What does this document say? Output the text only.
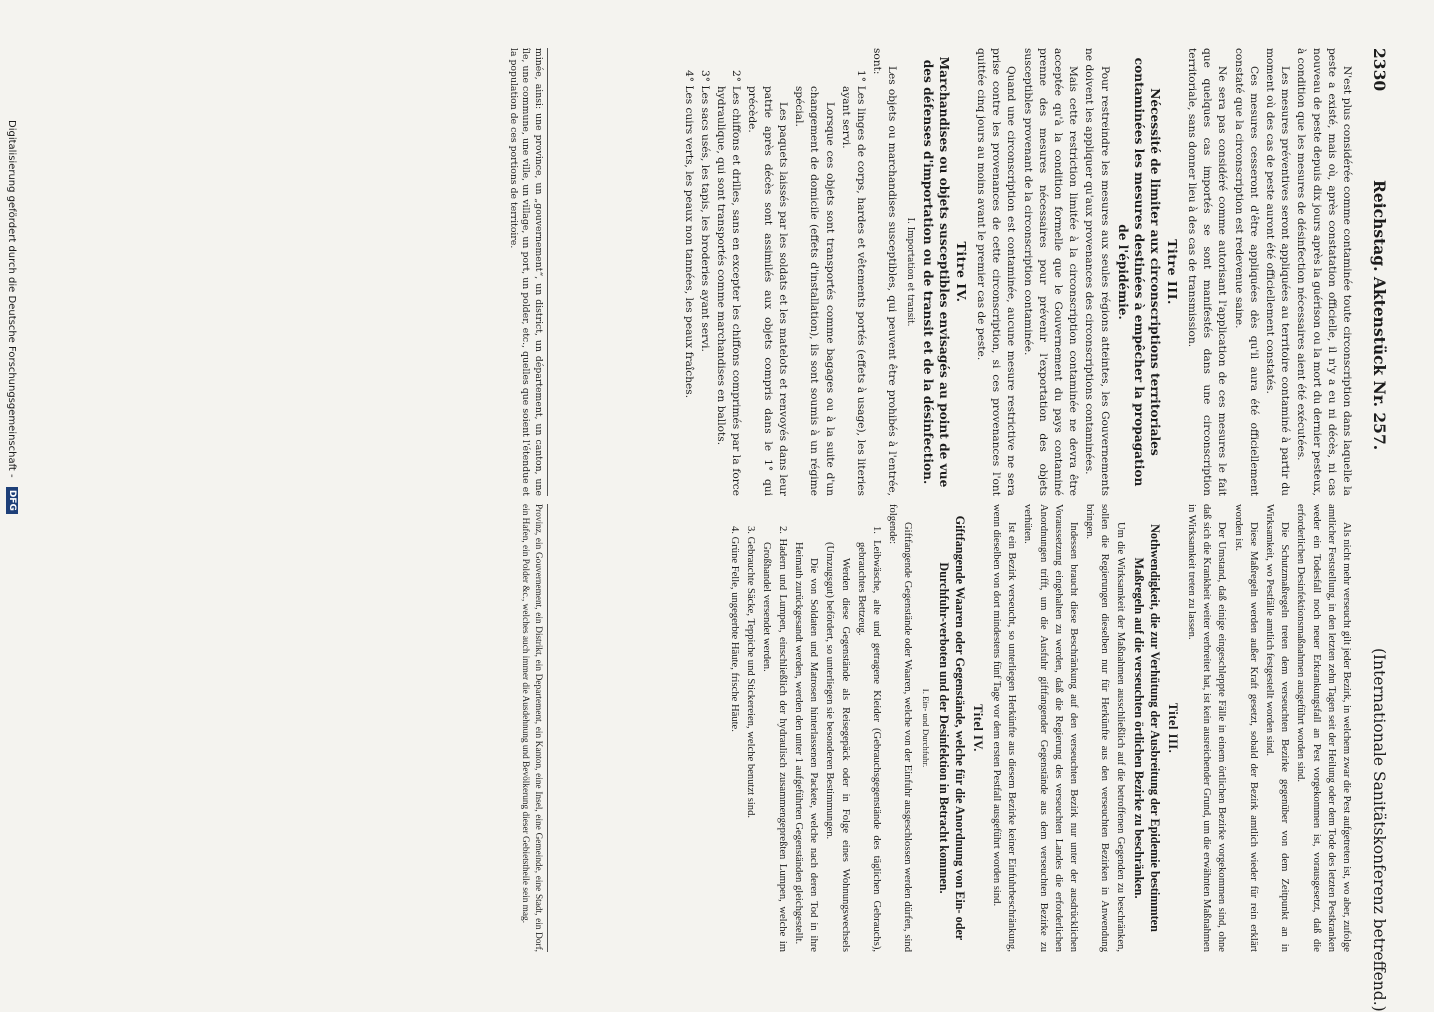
2330
Reichstag. Aktenstück Nr. 257.
(Internationale Sanitätskonferenz betreffend.)

N'est plus considérée comme contaminée toute circonscription dans laquelle la peste a existé, mais où, après constatation officielle, il n'y a eu ni décès, ni cas nouveau de peste depuis dix jours après la guérison ou la mort du dernier pesteux, à condition que les mesures de désinfection nécessaires aient été exécutées.

Les mesures préventives seront appliquées au territoire contaminé à partir du moment où des cas de peste auront été officiellement constatés.

Ces mesures cesseront d'être appliquées dès qu'il aura été officiellement constaté que la circonscription est redevenue saine.

Ne sera pas considéré comme autorisant l'application de ces mesures le fait que quelques cas importés se sont manifestés dans une circonscription territoriale, sans donner lieu à des cas de transmission.

Titre III.
Nécessité de limiter aux circonscriptions territoriales contaminées les mesures destinées à empêcher la propagation de l'épidémie.

Pour restreindre les mesures aux seules régions atteintes, les Gouvernements ne doivent les appliquer qu'aux provenances des circonscriptions contaminées.

Mais cette restriction limitée à la circonscription contaminée ne devra être acceptée qu'à la condition formelle que le Gouvernement du pays contaminé prenne des mesures nécessaires pour prévenir l'exportation des objets susceptibles provenant de la circonscription contaminée.

Quand une circonscription est contaminée, aucune mesure restrictive ne sera prise contre les provenances de cette circonscription, si ces provenances l'ont quittée cinq jours au moins avant le premier cas de peste.

Titre IV.
Marchandises ou objets susceptibles envisagés au point de vue des défenses d'importation ou de transit et de la désinfection.
I. Importation et transit.

Les objets ou marchandises susceptibles, qui peuvent être prohibés à l'entrée, sont:

1° Les linges de corps, hardes et vêtements portés (effets à usage), les literies ayant servi.
Lorsque ces objets sont transportés comme bagages ou à la suite d'un changement de domicile (effets d'installation), ils sont soumis à un régime spécial.
Les paquets laissés par les soldats et les matelots et renvoyés dans leur patrie après décès sont assimilés aux objets compris dans le 1° qui précède.
2° Les chiffons et drilles, sans en excepter les chiffons comprimés par la force hydraulique, qui sont transportés comme marchandises en ballots.
3° Les sacs usés, les tapis, les broderies ayant servi.
4° Les cuirs verts, les peaux non tannées, les peaux fraîches.

Als nicht mehr verseucht gilt jeder Bezirk, in welchem zwar die Pest aufgetreten ist, wo aber, zufolge amtlicher Feststellung, in den letzten zehn Tagen seit der Heilung oder dem Tode des letzten Pestkranken weder ein Todesfall noch neuer Erkrankungsfall an Pest vorgekommen ist, vorausgesetzt, daß die erforderlichen Desinfektionsmaßnahmen ausgeführt worden sind.

Die Schutzmaßregeln treten dem verseuchten Bezirke gegenüber von dem Zeitpunkt an in Wirksamkeit, wo Pestfälle amtlich festgestellt worden sind.

Diese Maßregeln werden außer Kraft gesetzt, sobald der Bezirk amtlich wieder für rein erklärt worden ist.

Der Umstand, daß einige eingeschleppte Fälle in einem örtlichen Bezirke vorgekommen sind, ohne daß sich die Krankheit weiter verbreitet hat, ist kein ausreichender Grund, um die erwähnten Maßnahmen in Wirksamkeit treten zu lassen.

Titel III.
Nothwendigkeit, die zur Verhütung der Ausbreitung der Epidemie bestimmten Maßregeln auf die verseuchten örtlichen Bezirke zu beschränken.

Um die Wirksamkeit der Maßnahmen ausschließlich auf die betroffenen Gegenden zu beschränken, sollen die Regierungen dieselben nur für Herkünfte aus den verseuchten Bezirken in Anwendung bringen.

Indessen braucht diese Beschränkung auf den verseuchten Bezirk nur unter der ausdrücklichen Voraussetzung eingehalten zu werden, daß die Regierung des verseuchten Landes die erforderlichen Anordnungen trifft, um die Ausfuhr giftfangender Gegenstände aus dem verseuchten Bezirke zu verhüten.

Ist ein Bezirk verseucht, so unterliegen Herkünfte aus diesem Bezirke keiner Einfuhrbeschränkung, wenn dieselben von dort mindestens fünf Tage vor dem ersten Pestfall ausgeführt worden sind.

Titel IV.
Giftfangende Waaren oder Gegenstände, welche für die Anordnung von Ein- oder Durchfuhr-verboten und der Desinfektion in Betracht kommen.
I. Ein- und Durchfuhr.

Giftfangende Gegenstände oder Waaren, welche von der Einfuhr ausgeschlossen werden dürfen, sind folgende:

1. Leibwäsche, alte und getragene Kleider (Gebrauchsgegenstände des täglichen Gebrauchs), gebrauchtes Bettzeug.
Werden diese Gegenstände als Reisegepäck oder in Folge eines Wohnungswechsels (Umzugsgut) befördert, so unterliegen sie besonderen Bestimmungen.
Die von Soldaten und Matrosen hinterlassenen Packete, welche nach deren Tod in ihre Heimath zurückgesandt werden, werden den unter 1 aufgeführten Gegenständen gleichgestellt.
2. Hadern und Lumpen, einschließlich der hydraulisch zusammengepreßten Lumpen, welche im Großhandel versendet werden.
3. Gebrauchte Säcke, Teppiche und Stickereien, welche benutzt sind.
4. Grüne Felle, ungegerbte Häute, frische Häute.
minée, ainsi: une province, un „gouvernement“, un district, un département, un canton, une île, une commune, une ville, un village, un port, un polder, etc., quelles que soient l'étendue et la population de ces portions de territoire.
Provinz, ein Gouvernement, ein Distrikt, ein Departement, ein Kanton, eine Insel, eine Gemeinde, eine Stadt, ein Dorf, ein Hafen, ein Polder &c., welches auch immer die Ausdehnung und Bevölkerung dieser Gebietstheile sein mag.
Digitalisierung gefördert durch die Deutsche Forschungsgemeinschaft - DFG
